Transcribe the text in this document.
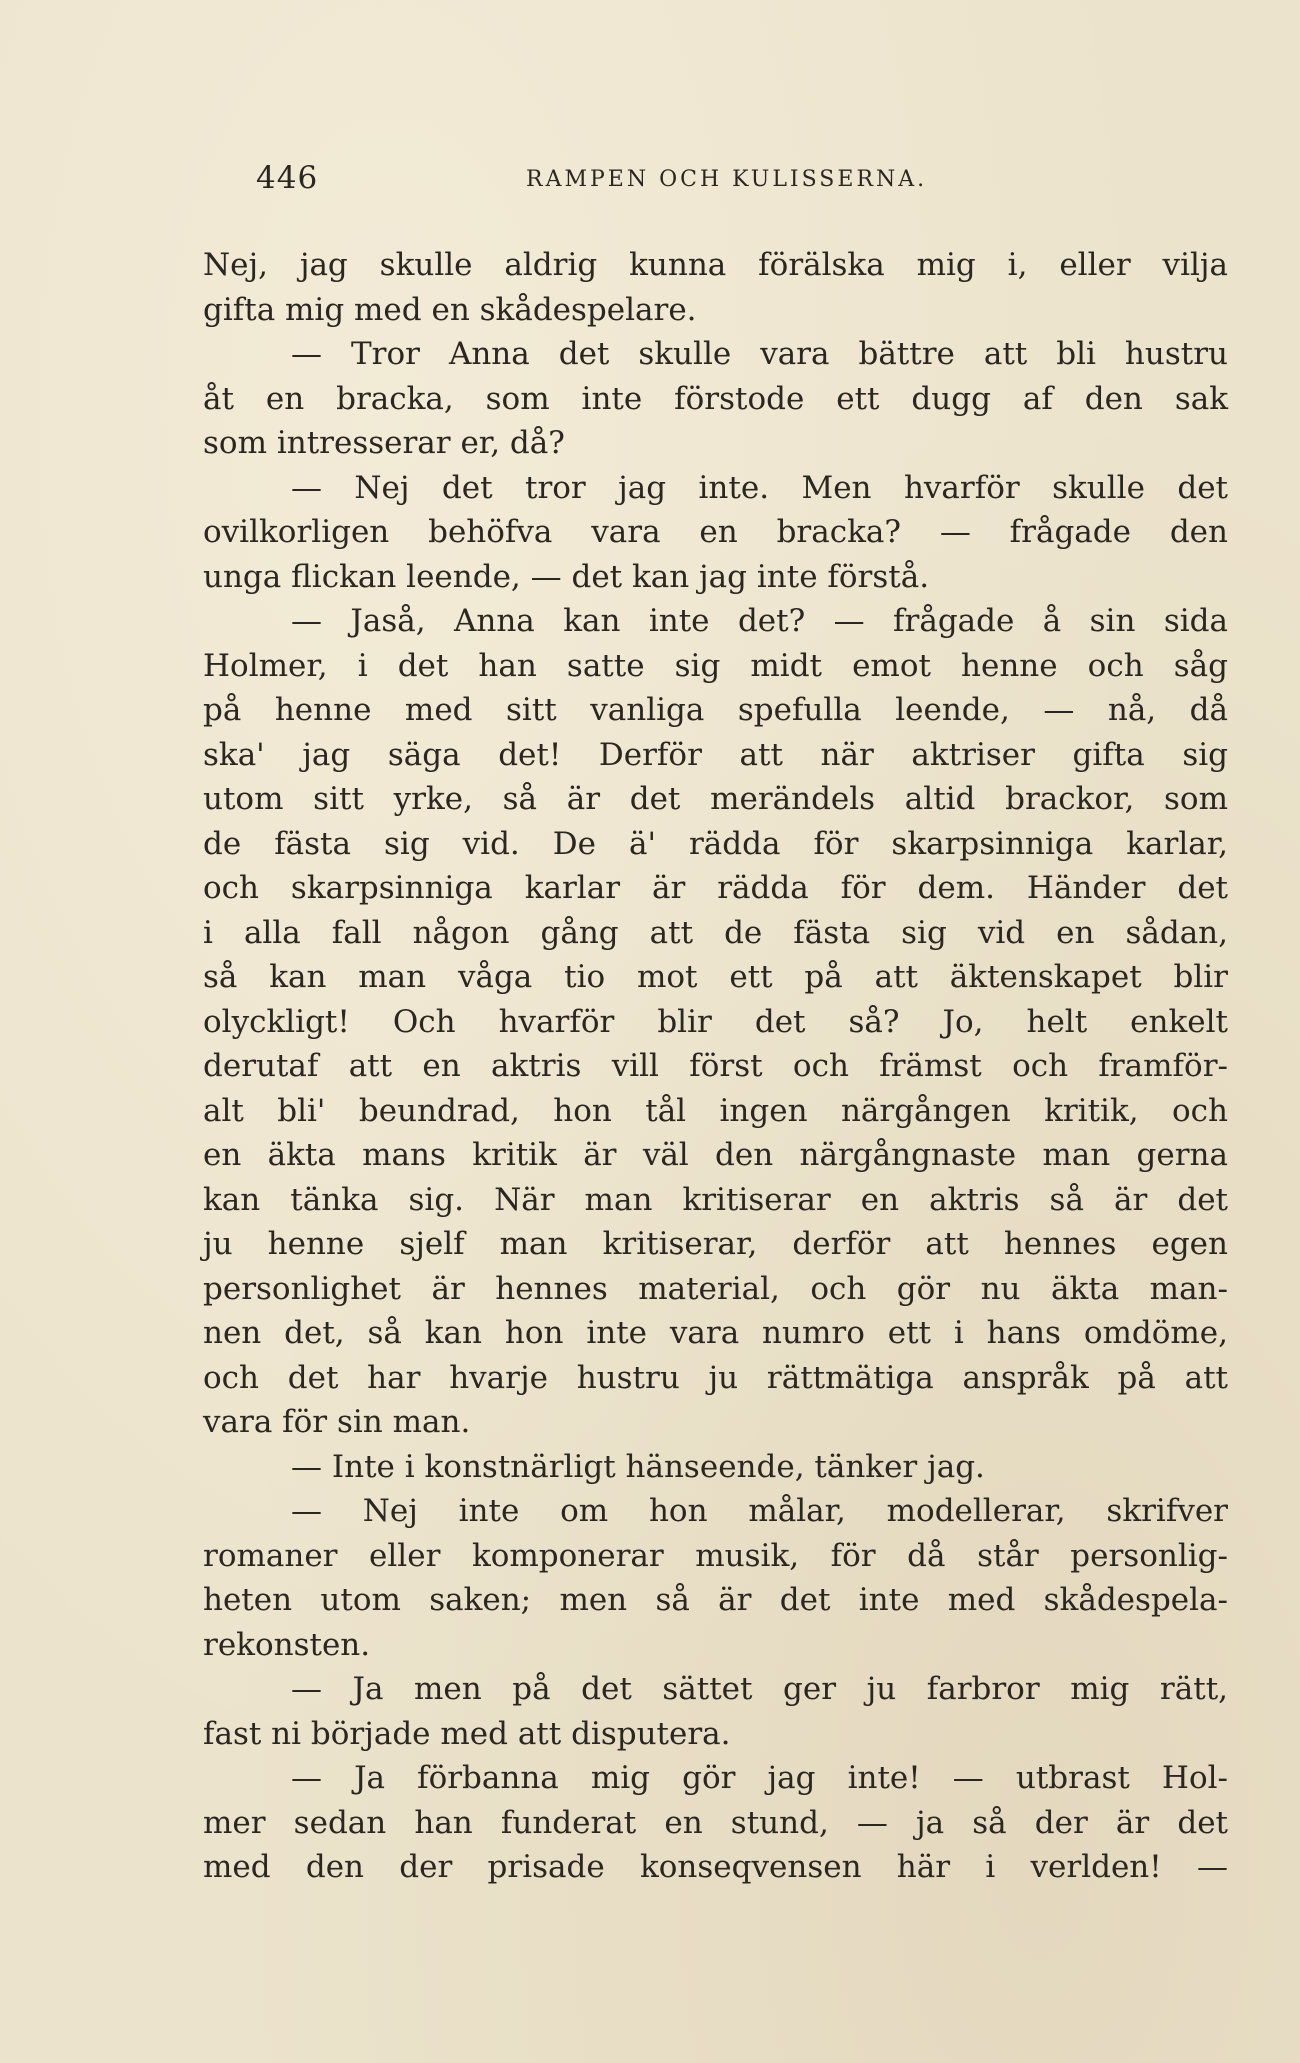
446	RAMPEN OCH KULISSERNA.
Nej, jag skulle aldrig kunna förälska mig i, eller vilja
gifta mig med en skådespelare.
— Tror Anna det skulle vara bättre att bli hustru
åt en bracka, som inte förstode ett dugg af den sak
som intresserar er, då?
— Nej det tror jag inte. Men hvarför skulle det
ovilkorligen behöfva vara en bracka? — frågade den
unga flickan leende, — det kan jag inte förstå.
— Jaså, Anna kan inte det? — frågade å sin sida
Holmer, i det han satte sig midt emot henne och såg
på henne med sitt vanliga spefulla leende, — nå, då
ska' jag säga det! Derför att när aktriser gifta sig
utom sitt yrke, så är det merändels altid brackor, som
de fästa sig vid. De ä' rädda för skarpsinniga karlar,
och skarpsinniga karlar är rädda för dem. Händer det
i alla fall någon gång att de fästa sig vid en sådan,
så kan man våga tio mot ett på att äktenskapet blir
olyckligt! Och hvarför blir det så? Jo, helt enkelt
derutaf att en aktris vill först och främst och framför-
alt bli' beundrad, hon tål ingen närgången kritik, och
en äkta mans kritik är väl den närgångnaste man gerna
kan tänka sig. När man kritiserar en aktris så är det
ju henne sjelf man kritiserar, derför att hennes egen
personlighet är hennes material, och gör nu äkta man-
nen det, så kan hon inte vara numro ett i hans omdöme,
och det har hvarje hustru ju rättmätiga anspråk på att
vara för sin man.
— Inte i konstnärligt hänseende, tänker jag.
— Nej inte om hon målar, modellerar, skrifver
romaner eller komponerar musik, för då står personlig-
heten utom saken; men så är det inte med skådespela-
rekonsten.
— Ja men på det sättet ger ju farbror mig rätt,
fast ni började med att disputera.
— Ja förbanna mig gör jag inte! — utbrast Hol-
mer sedan han funderat en stund, — ja så der är det
med den der prisade konseqvensen här i verlden! —
